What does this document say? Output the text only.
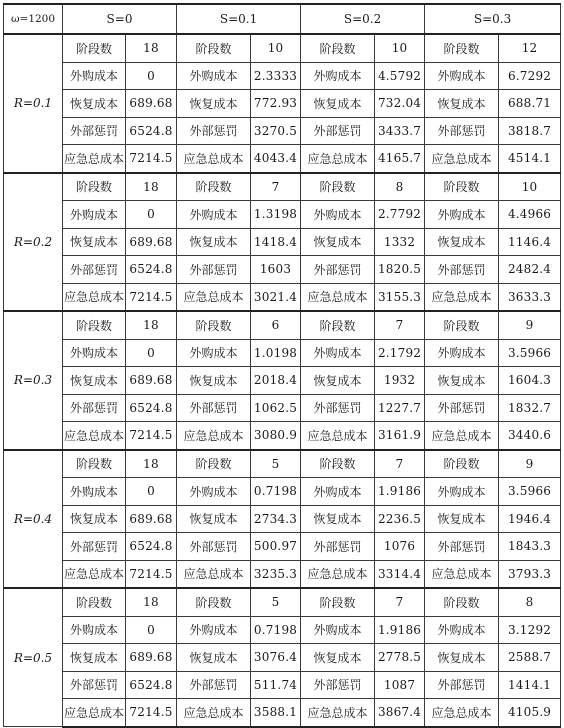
ω=1200	S=0		S=0.1		S=0.2		S=0.3	
R=0.1	阶段数	18	阶段数	10	阶段数	10	阶段数	12
	外购成本	0	外购成本	2.3333	外购成本	4.5792	外购成本	6.7292
	恢复成本	689.68	恢复成本	772.93	恢复成本	732.04	恢复成本	688.71
	外部惩罚	6524.8	外部惩罚	3270.5	外部惩罚	3433.7	外部惩罚	3818.7
	应急总成本	7214.5	应急总成本	4043.4	应急总成本	4165.7	应急总成本	4514.1
R=0.2	阶段数	18	阶段数	7	阶段数	8	阶段数	10
	外购成本	0	外购成本	1.3198	外购成本	2.7792	外购成本	4.4966
	恢复成本	689.68	恢复成本	1418.4	恢复成本	1332	恢复成本	1146.4
	外部惩罚	6524.8	外部惩罚	1603	外部惩罚	1820.5	外部惩罚	2482.4
	应急总成本	7214.5	应急总成本	3021.4	应急总成本	3155.3	应急总成本	3633.3
R=0.3	阶段数	18	阶段数	6	阶段数	7	阶段数	9
	外购成本	0	外购成本	1.0198	外购成本	2.1792	外购成本	3.5966
	恢复成本	689.68	恢复成本	2018.4	恢复成本	1932	恢复成本	1604.3
	外部惩罚	6524.8	外部惩罚	1062.5	外部惩罚	1227.7	外部惩罚	1832.7
	应急总成本	7214.5	应急总成本	3080.9	应急总成本	3161.9	应急总成本	3440.6
R=0.4	阶段数	18	阶段数	5	阶段数	7	阶段数	9
	外购成本	0	外购成本	0.7198	外购成本	1.9186	外购成本	3.5966
	恢复成本	689.68	恢复成本	2734.3	恢复成本	2236.5	恢复成本	1946.4
	外部惩罚	6524.8	外部惩罚	500.97	外部惩罚	1076	外部惩罚	1843.3
	应急总成本	7214.5	应急总成本	3235.3	应急总成本	3314.4	应急总成本	3793.3
R=0.5	阶段数	18	阶段数	5	阶段数	7	阶段数	8
	外购成本	0	外购成本	0.7198	外购成本	1.9186	外购成本	3.1292
	恢复成本	689.68	恢复成本	3076.4	恢复成本	2778.5	恢复成本	2588.7
	外部惩罚	6524.8	外部惩罚	511.74	外部惩罚	1087	外部惩罚	1414.1
	应急总成本	7214.5	应急总成本	3588.1	应急总成本	3867.4	应急总成本	4105.9
